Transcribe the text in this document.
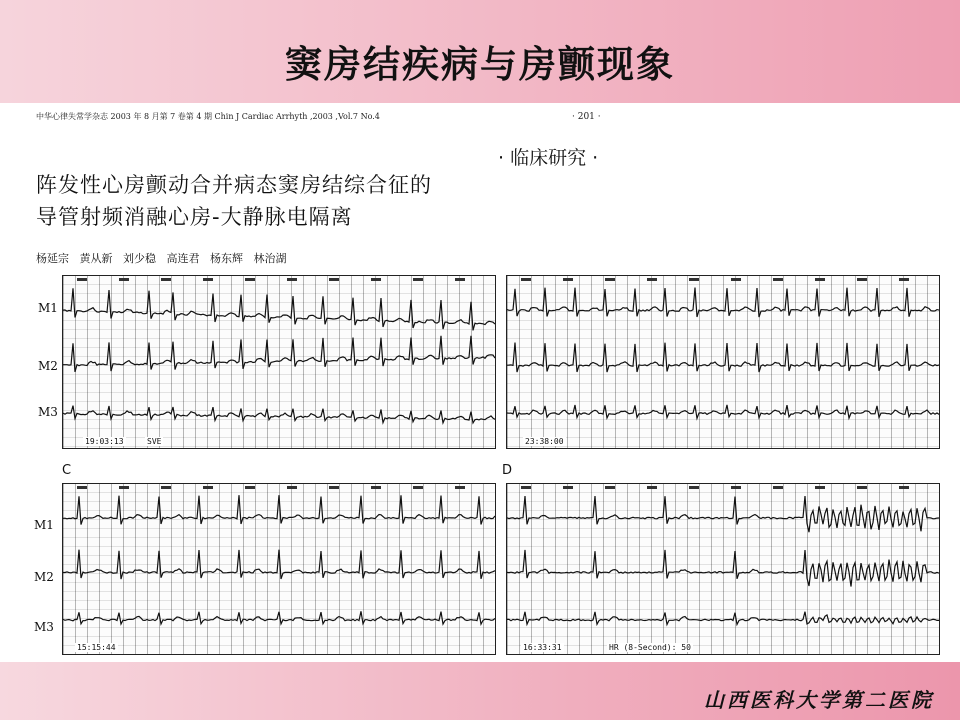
窦房结疾病与房颤现象
中华心律失常学杂志 2003 年 8 月第 7 卷第 4 期 Chin J Cardiac Arrhyth ,2003 ,Vol.7 No.4	· 201 ·
· 临床研究 ·
阵发性心房颤动合并病态窦房结综合征的
导管射频消融心房-大静脉电隔离
杨延宗 黄从新 刘少稳 高连君 杨东辉 林治湖
M1
M2
M3
M1
M2
M3
C	D
19:03:13	SVE	23:38:00
15:15:44	16:33:31	HR (8-Second): 50
山西医科大学第二医院
